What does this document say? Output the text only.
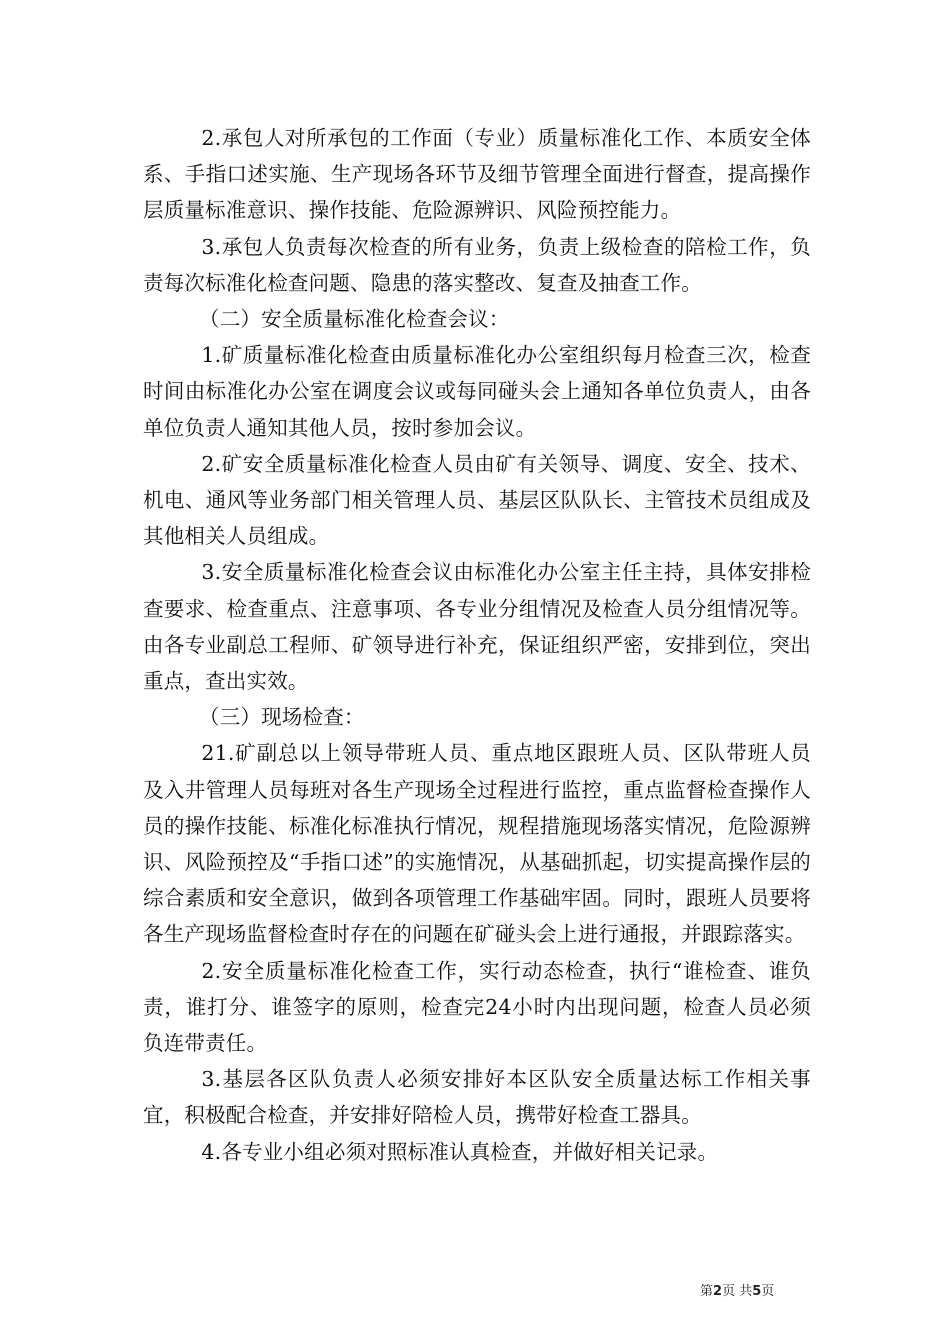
2.承包人对所承包的工作面（专业）质量标准化工作、本质安全体系、手指口述实施、生产现场各环节及细节管理全面进行督查，提高操作层质量标准意识、操作技能、危险源辨识、风险预控能力。

3.承包人负责每次检查的所有业务，负责上级检查的陪检工作，负责每次标准化检查问题、隐患的落实整改、复查及抽查工作。

（二）安全质量标准化检查会议：

1.矿质量标准化检查由质量标准化办公室组织每月检查三次，检查时间由标准化办公室在调度会议或每同碰头会上通知各单位负责人，由各单位负责人通知其他人员，按时参加会议。

2.矿安全质量标准化检查人员由矿有关领导、调度、安全、技术、机电、通风等业务部门相关管理人员、基层区队队长、主管技术员组成及其他相关人员组成。

3.安全质量标准化检查会议由标准化办公室主任主持，具体安排检查要求、检查重点、注意事项、各专业分组情况及检查人员分组情况等。由各专业副总工程师、矿领导进行补充，保证组织严密，安排到位，突出重点，查出实效。

（三）现场检查：

21.矿副总以上领导带班人员、重点地区跟班人员、区队带班人员及入井管理人员每班对各生产现场全过程进行监控，重点监督检查操作人员的操作技能、标准化标准执行情况，规程措施现场落实情况，危险源辨识、风险预控及“手指口述”的实施情况，从基础抓起，切实提高操作层的综合素质和安全意识，做到各项管理工作基础牢固。同时，跟班人员要将各生产现场监督检查时存在的问题在矿碰头会上进行通报，并跟踪落实。

2.安全质量标准化检查工作，实行动态检查，执行“谁检查、谁负责，谁打分、谁签字的原则，检查完24小时内出现问题，检查人员必须负连带责任。

3.基层各区队负责人必须安排好本区队安全质量达标工作相关事宜，积极配合检查，并安排好陪检人员，携带好检查工器具。

4.各专业小组必须对照标准认真检查，并做好相关记录。

第2页 共5页
